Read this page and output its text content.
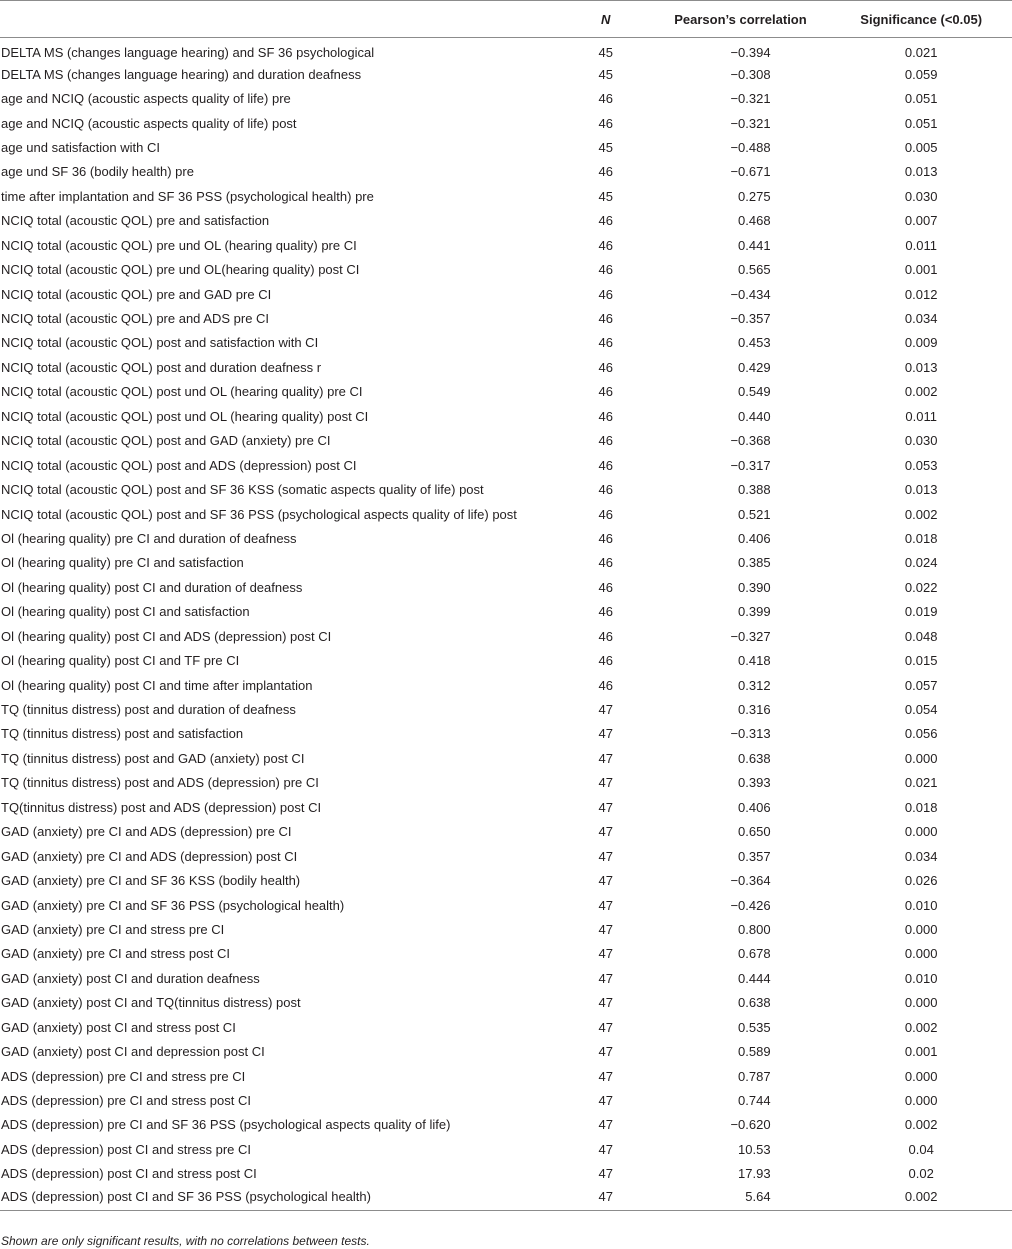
	N	Pearson’s correlation	Significance (<0.05)
DELTA MS (changes language hearing) and SF 36 psychological	45	−0.394	0.021
DELTA MS (changes language hearing) and duration deafness	45	−0.308	0.059
age and NCIQ (acoustic aspects quality of life) pre	46	−0.321	0.051
age and NCIQ (acoustic aspects quality of life) post	46	−0.321	0.051
age und satisfaction with CI	45	−0.488	0.005
age und SF 36 (bodily health) pre	46	−0.671	0.013
time after implantation and SF 36 PSS (psychological health) pre	45	0.275	0.030
NCIQ total (acoustic QOL) pre and satisfaction	46	0.468	0.007
NCIQ total (acoustic QOL) pre und OL (hearing quality) pre CI	46	0.441	0.011
NCIQ total (acoustic QOL) pre und OL(hearing quality) post CI	46	0.565	0.001
NCIQ total (acoustic QOL) pre and GAD pre CI	46	−0.434	0.012
NCIQ total (acoustic QOL) pre and ADS pre CI	46	−0.357	0.034
NCIQ total (acoustic QOL) post and satisfaction with CI	46	0.453	0.009
NCIQ total (acoustic QOL) post and duration deafness r	46	0.429	0.013
NCIQ total (acoustic QOL) post und OL (hearing quality) pre CI	46	0.549	0.002
NCIQ total (acoustic QOL) post und OL (hearing quality) post CI	46	0.440	0.011
NCIQ total (acoustic QOL) post and GAD (anxiety) pre CI	46	−0.368	0.030
NCIQ total (acoustic QOL) post and ADS (depression) post CI	46	−0.317	0.053
NCIQ total (acoustic QOL) post and SF 36 KSS (somatic aspects quality of life) post	46	0.388	0.013
NCIQ total (acoustic QOL) post and SF 36 PSS (psychological aspects quality of life) post	46	0.521	0.002
Ol (hearing quality) pre CI and duration of deafness	46	0.406	0.018
Ol (hearing quality) pre CI and satisfaction	46	0.385	0.024
Ol (hearing quality) post CI and duration of deafness	46	0.390	0.022
Ol (hearing quality) post CI and satisfaction	46	0.399	0.019
Ol (hearing quality) post CI and ADS (depression) post CI	46	−0.327	0.048
Ol (hearing quality) post CI and TF pre CI	46	0.418	0.015
Ol (hearing quality) post CI and time after implantation	46	0.312	0.057
TQ (tinnitus distress) post and duration of deafness	47	0.316	0.054
TQ (tinnitus distress) post and satisfaction	47	−0.313	0.056
TQ (tinnitus distress) post and GAD (anxiety) post CI	47	0.638	0.000
TQ (tinnitus distress) post and ADS (depression) pre CI	47	0.393	0.021
TQ(tinnitus distress) post and ADS (depression) post CI	47	0.406	0.018
GAD (anxiety) pre CI and ADS (depression) pre CI	47	0.650	0.000
GAD (anxiety) pre CI and ADS (depression) post CI	47	0.357	0.034
GAD (anxiety) pre CI and SF 36 KSS (bodily health)	47	−0.364	0.026
GAD (anxiety) pre CI and SF 36 PSS (psychological health)	47	−0.426	0.010
GAD (anxiety) pre CI and stress pre CI	47	0.800	0.000
GAD (anxiety) pre CI and stress post CI	47	0.678	0.000
GAD (anxiety) post CI and duration deafness	47	0.444	0.010
GAD (anxiety) post CI and TQ(tinnitus distress) post	47	0.638	0.000
GAD (anxiety) post CI and stress post CI	47	0.535	0.002
GAD (anxiety) post CI and depression post CI	47	0.589	0.001
ADS (depression) pre CI and stress pre CI	47	0.787	0.000
ADS (depression) pre CI and stress post CI	47	0.744	0.000
ADS (depression) pre CI and SF 36 PSS (psychological aspects quality of life)	47	−0.620	0.002
ADS (depression) post CI and stress pre CI	47	10.53	0.04
ADS (depression) post CI and stress post CI	47	17.93	0.02
ADS (depression) post CI and SF 36 PSS (psychological health)	47	5.64	0.002
Shown are only significant results, with no correlations between tests.
